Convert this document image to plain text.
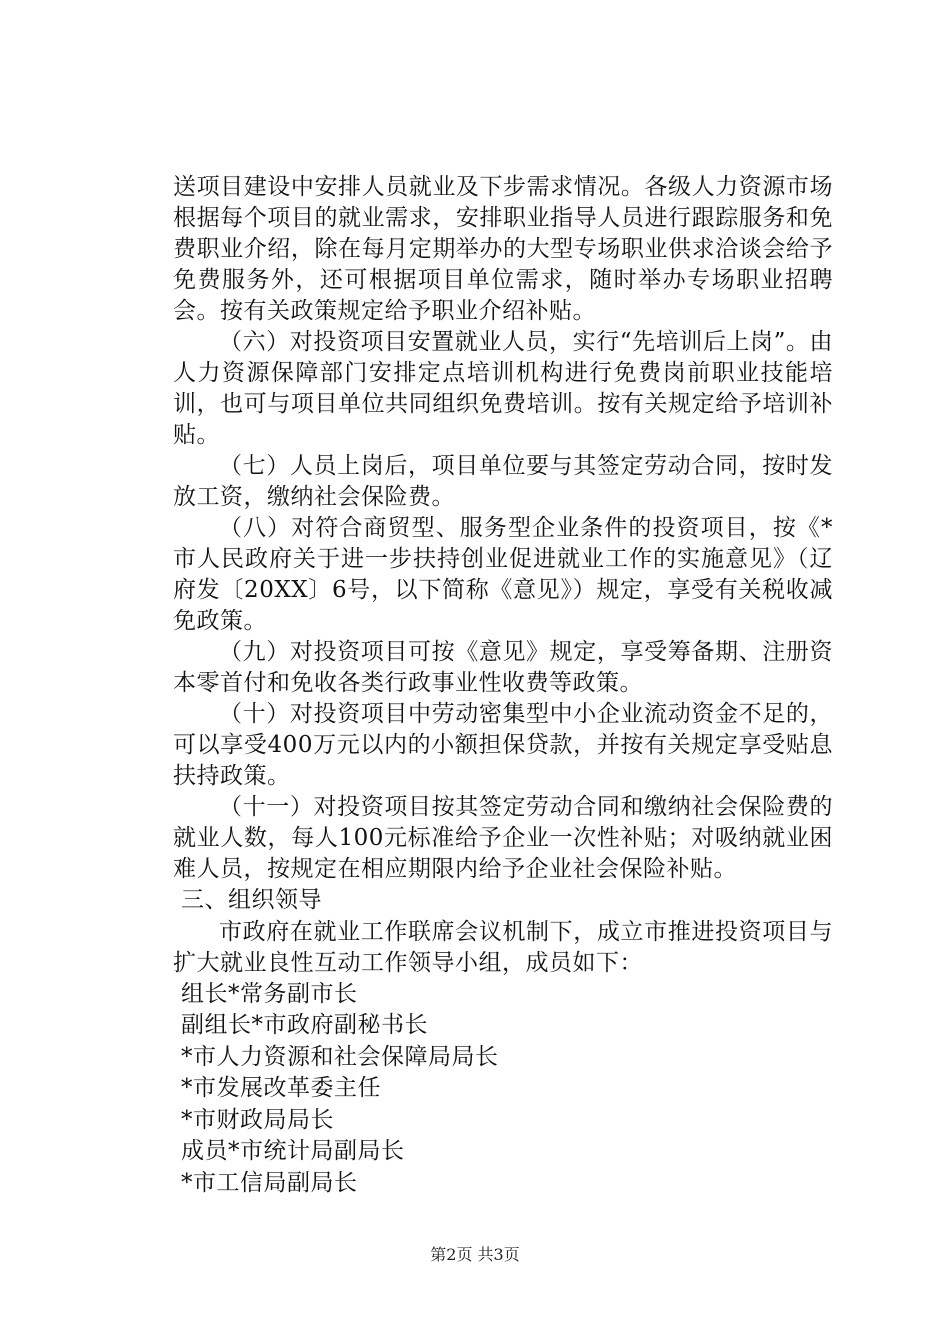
送项目建设中安排人员就业及下步需求情况。各级人力资源市场根据每个项目的就业需求，安排职业指导人员进行跟踪服务和免费职业介绍，除在每月定期举办的大型专场职业供求洽谈会给予免费服务外，还可根据项目单位需求，随时举办专场职业招聘会。按有关政策规定给予职业介绍补贴。

（六）对投资项目安置就业人员，实行“先培训后上岗”。由人力资源保障部门安排定点培训机构进行免费岗前职业技能培训，也可与项目单位共同组织免费培训。按有关规定给予培训补贴。

（七）人员上岗后，项目单位要与其签定劳动合同，按时发放工资，缴纳社会保险费。

（八）对符合商贸型、服务型企业条件的投资项目，按《*市人民政府关于进一步扶持创业促进就业工作的实施意见》（辽府发〔20XX〕6号，以下简称《意见》）规定，享受有关税收减免政策。

（九）对投资项目可按《意见》规定，享受筹备期、注册资本零首付和免收各类行政事业性收费等政策。

（十）对投资项目中劳动密集型中小企业流动资金不足的，可以享受400万元以内的小额担保贷款，并按有关规定享受贴息扶持政策。

（十一）对投资项目按其签定劳动合同和缴纳社会保险费的就业人数，每人100元标准给予企业一次性补贴；对吸纳就业困难人员，按规定在相应期限内给予企业社会保险补贴。

三、组织领导

市政府在就业工作联席会议机制下，成立市推进投资项目与扩大就业良性互动工作领导小组，成员如下：

组长*常务副市长

副组长*市政府副秘书长

*市人力资源和社会保障局局长

*市发展改革委主任

*市财政局局长

成员*市统计局副局长

*市工信局副局长

第2页 共3页
